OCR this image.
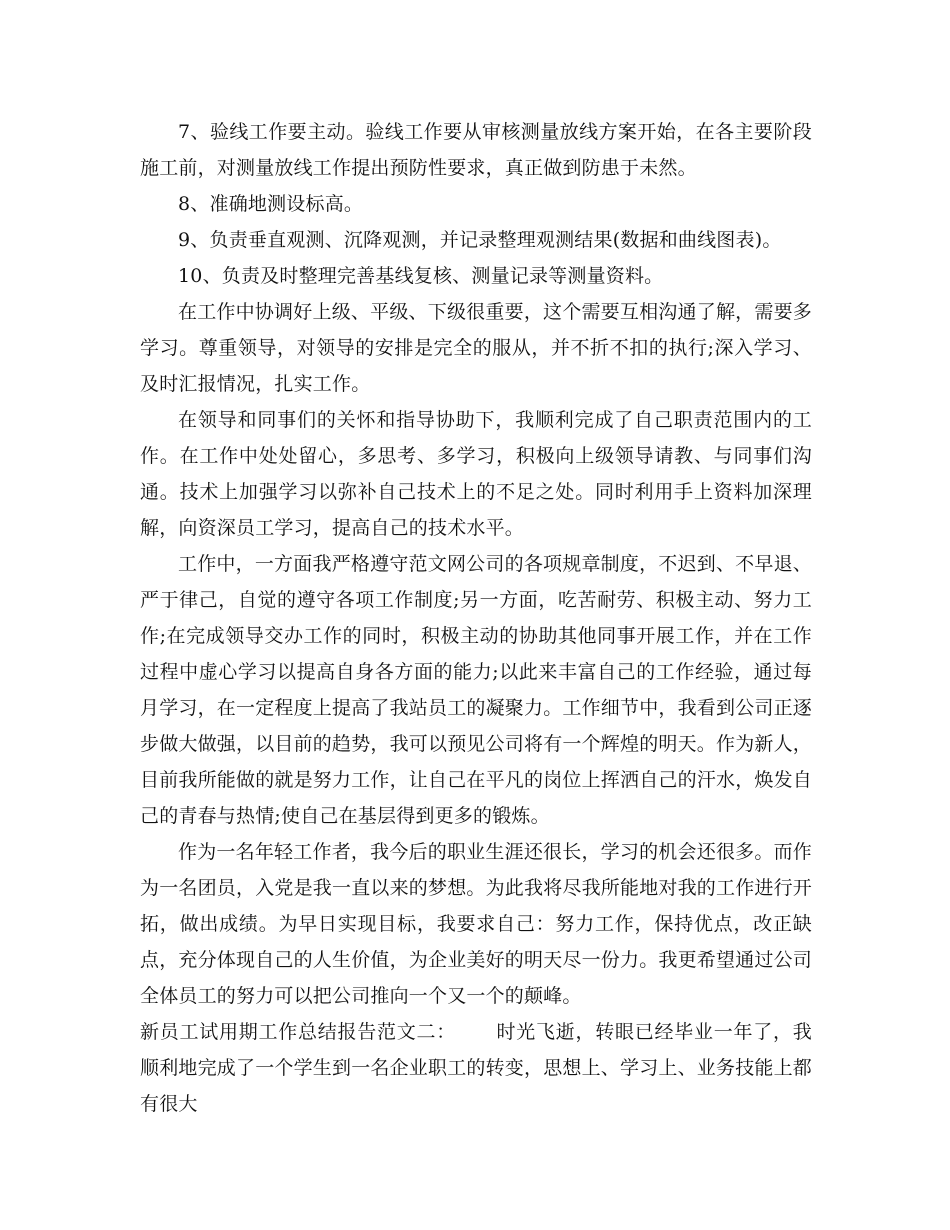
7、验线工作要主动。验线工作要从审核测量放线方案开始，在各主要阶段施工前，对测量放线工作提出预防性要求，真正做到防患于未然。

8、准确地测设标高。

9、负责垂直观测、沉降观测，并记录整理观测结果(数据和曲线图表)。

10、负责及时整理完善基线复核、测量记录等测量资料。

在工作中协调好上级、平级、下级很重要，这个需要互相沟通了解，需要多学习。尊重领导，对领导的安排是完全的服从，并不折不扣的执行;深入学习、及时汇报情况，扎实工作。

在领导和同事们的关怀和指导协助下，我顺利完成了自己职责范围内的工作。在工作中处处留心，多思考、多学习，积极向上级领导请教、与同事们沟通。技术上加强学习以弥补自己技术上的不足之处。同时利用手上资料加深理解，向资深员工学习，提高自己的技术水平。

工作中，一方面我严格遵守范文网公司的各项规章制度，不迟到、不早退、严于律己，自觉的遵守各项工作制度;另一方面，吃苦耐劳、积极主动、努力工作;在完成领导交办工作的同时，积极主动的协助其他同事开展工作，并在工作过程中虚心学习以提高自身各方面的能力;以此来丰富自己的工作经验，通过每月学习，在一定程度上提高了我站员工的凝聚力。工作细节中，我看到公司正逐步做大做强，以目前的趋势，我可以预见公司将有一个辉煌的明天。作为新人，目前我所能做的就是努力工作，让自己在平凡的岗位上挥洒自己的汗水，焕发自己的青春与热情;使自己在基层得到更多的锻炼。

作为一名年轻工作者，我今后的职业生涯还很长，学习的机会还很多。而作为一名团员，入党是我一直以来的梦想。为此我将尽我所能地对我的工作进行开拓，做出成绩。为早日实现目标，我要求自己：努力工作，保持优点，改正缺点，充分体现自己的人生价值，为企业美好的明天尽一份力。我更希望通过公司全体员工的努力可以把公司推向一个又一个的颠峰。

新员工试用期工作总结报告范文二： 时光飞逝，转眼已经毕业一年了，我顺利地完成了一个学生到一名企业职工的转变，思想上、学习上、业务技能上都有很大
